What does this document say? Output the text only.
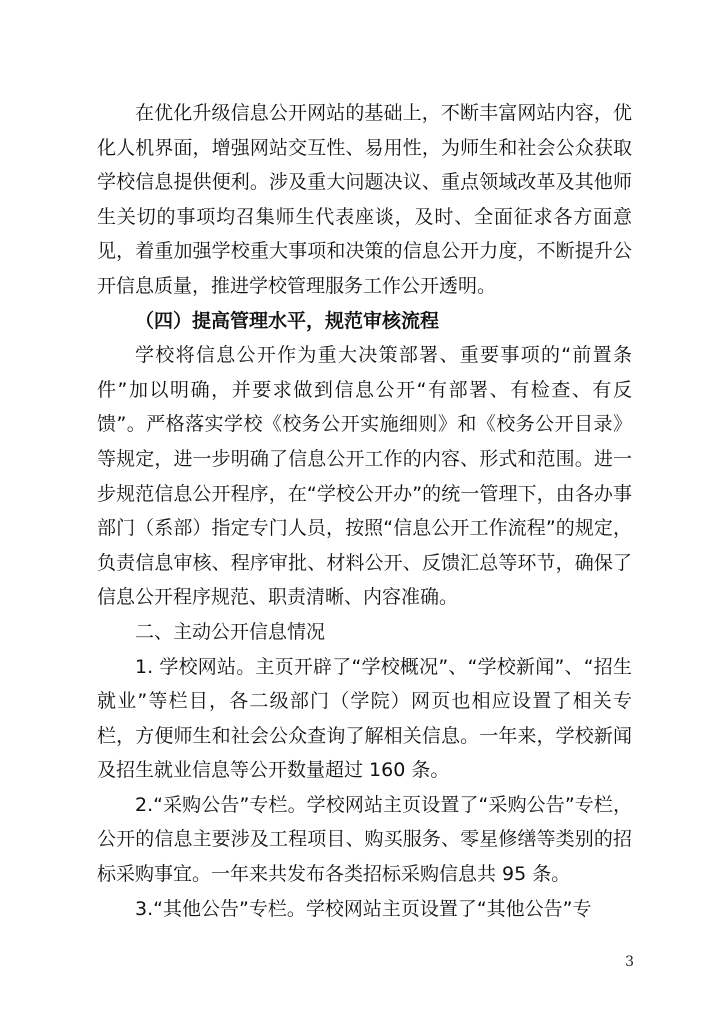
在优化升级信息公开网站的基础上，不断丰富网站内容，优化人机界面，增强网站交互性、易用性，为师生和社会公众获取学校信息提供便利。涉及重大问题决议、重点领域改革及其他师生关切的事项均召集师生代表座谈，及时、全面征求各方面意见，着重加强学校重大事项和决策的信息公开力度，不断提升公开信息质量，推进学校管理服务工作公开透明。

（四）提高管理水平，规范审核流程

学校将信息公开作为重大决策部署、重要事项的“前置条件”加以明确，并要求做到信息公开“有部署、有检查、有反馈”。严格落实学校《校务公开实施细则》和《校务公开目录》等规定，进一步明确了信息公开工作的内容、形式和范围。进一步规范信息公开程序，在“学校公开办”的统一管理下，由各办事部门（系部）指定专门人员，按照“信息公开工作流程”的规定，负责信息审核、程序审批、材料公开、反馈汇总等环节，确保了信息公开程序规范、职责清晰、内容准确。

二、主动公开信息情况

1. 学校网站。主页开辟了“学校概况”、“学校新闻”、“招生就业”等栏目，各二级部门（学院）网页也相应设置了相关专栏，方便师生和社会公众查询了解相关信息。一年来，学校新闻及招生就业信息等公开数量超过 160 条。

2.“采购公告”专栏。学校网站主页设置了“采购公告”专栏，公开的信息主要涉及工程项目、购买服务、零星修缮等类别的招标采购事宜。一年来共发布各类招标采购信息共 95 条。

3.“其他公告”专栏。学校网站主页设置了“其他公告”专

3
